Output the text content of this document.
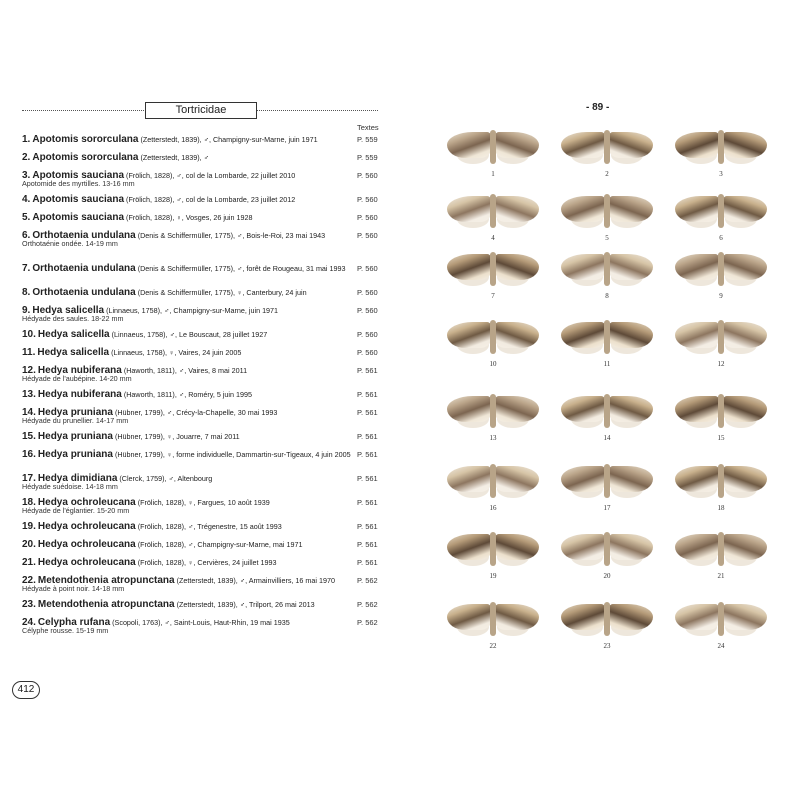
Tortricidae
Textes
1. Apotomis sororculana (Zetterstedt, 1839), ♂, Champigny-sur-Marne, juin 1971	P. 559
2. Apotomis sororculana (Zetterstedt, 1839), ♂	P. 559
3. Apotomis sauciana (Frölich, 1828), ♂, col de la Lombarde, 22 juillet 2010
Apotomide des myrtilles. 13-16 mm
P. 560
4. Apotomis sauciana (Frölich, 1828), ♂, col de la Lombarde, 23 juillet 2012	P. 560
5. Apotomis sauciana (Frölich, 1828), ♀, Vosges, 26 juin 1928	P. 560
6. Orthotaenia undulana (Denis & Schiffermüller, 1775), ♂, Bois-le-Roi, 23 mai 1943
Orthotaénie ondée. 14-19 mm
P. 560
7. Orthotaenia undulana (Denis & Schiffermüller, 1775), ♂, forêt de Rougeau, 31 mai 1993	P. 560
8. Orthotaenia undulana (Denis & Schiffermüller, 1775), ♀, Canterbury, 24 juin	P. 560
9. Hedya salicella (Linnaeus, 1758), ♂, Champigny-sur-Marne, juin 1971
Hédyade des saules. 18-22 mm
P. 560
10. Hedya salicella (Linnaeus, 1758), ♂, Le Bouscaut, 28 juillet 1927	P. 560
11. Hedya salicella (Linnaeus, 1758), ♀, Vaires, 24 juin 2005	P. 560
12. Hedya nubiferana (Haworth, 1811), ♂, Vaires, 8 mai 2011
Hédyade de l'aubépine. 14-20 mm
P. 561
13. Hedya nubiferana (Haworth, 1811), ♂, Roméry, 5 juin 1995	P. 561
14. Hedya pruniana (Hübner, 1799), ♂, Crécy-la-Chapelle, 30 mai 1993
Hédyade du prunellier. 14-17 mm
P. 561
15. Hedya pruniana (Hübner, 1799), ♀, Jouarre, 7 mai 2011	P. 561
16. Hedya pruniana (Hübner, 1799), ♀, forme individuelle, Dammartin-sur-Tigeaux, 4 juin 2005 P. 561
17. Hedya dimidiana (Clerck, 1759), ♂, Altenbourg
Hédyade suédoise. 14-18 mm
P. 561
18. Hedya ochroleucana (Frölich, 1828), ♀, Fargues, 10 août 1939
Hédyade de l'églantier. 15-20 mm
P. 561
19. Hedya ochroleucana (Frölich, 1828), ♂, Trégenestre, 15 août 1993	P. 561
20. Hedya ochroleucana (Frölich, 1828), ♂, Champigny-sur-Marne, mai 1971	P. 561
21. Hedya ochroleucana (Frölich, 1828), ♀, Cervières, 24 juillet 1993	P. 561
22. Metendothenia atropunctana (Zetterstedt, 1839), ♂, Armainvilliers, 16 mai 1970
Hédyade à point noir. 14-18 mm
P. 562
23. Metendothenia atropunctana (Zetterstedt, 1839), ♂, Trilport, 26 mai 2013	P. 562
24. Celypha rufana (Scopoli, 1763), ♂, Saint-Louis, Haut-Rhin, 19 mai 1935
Célyphe rousse. 15-19 mm
P. 562
412
- 89 -
1	2	3
4	5	6
7	8	9
10	11	12
13	14	15
16	17	18
19	20	21
22	23	24
